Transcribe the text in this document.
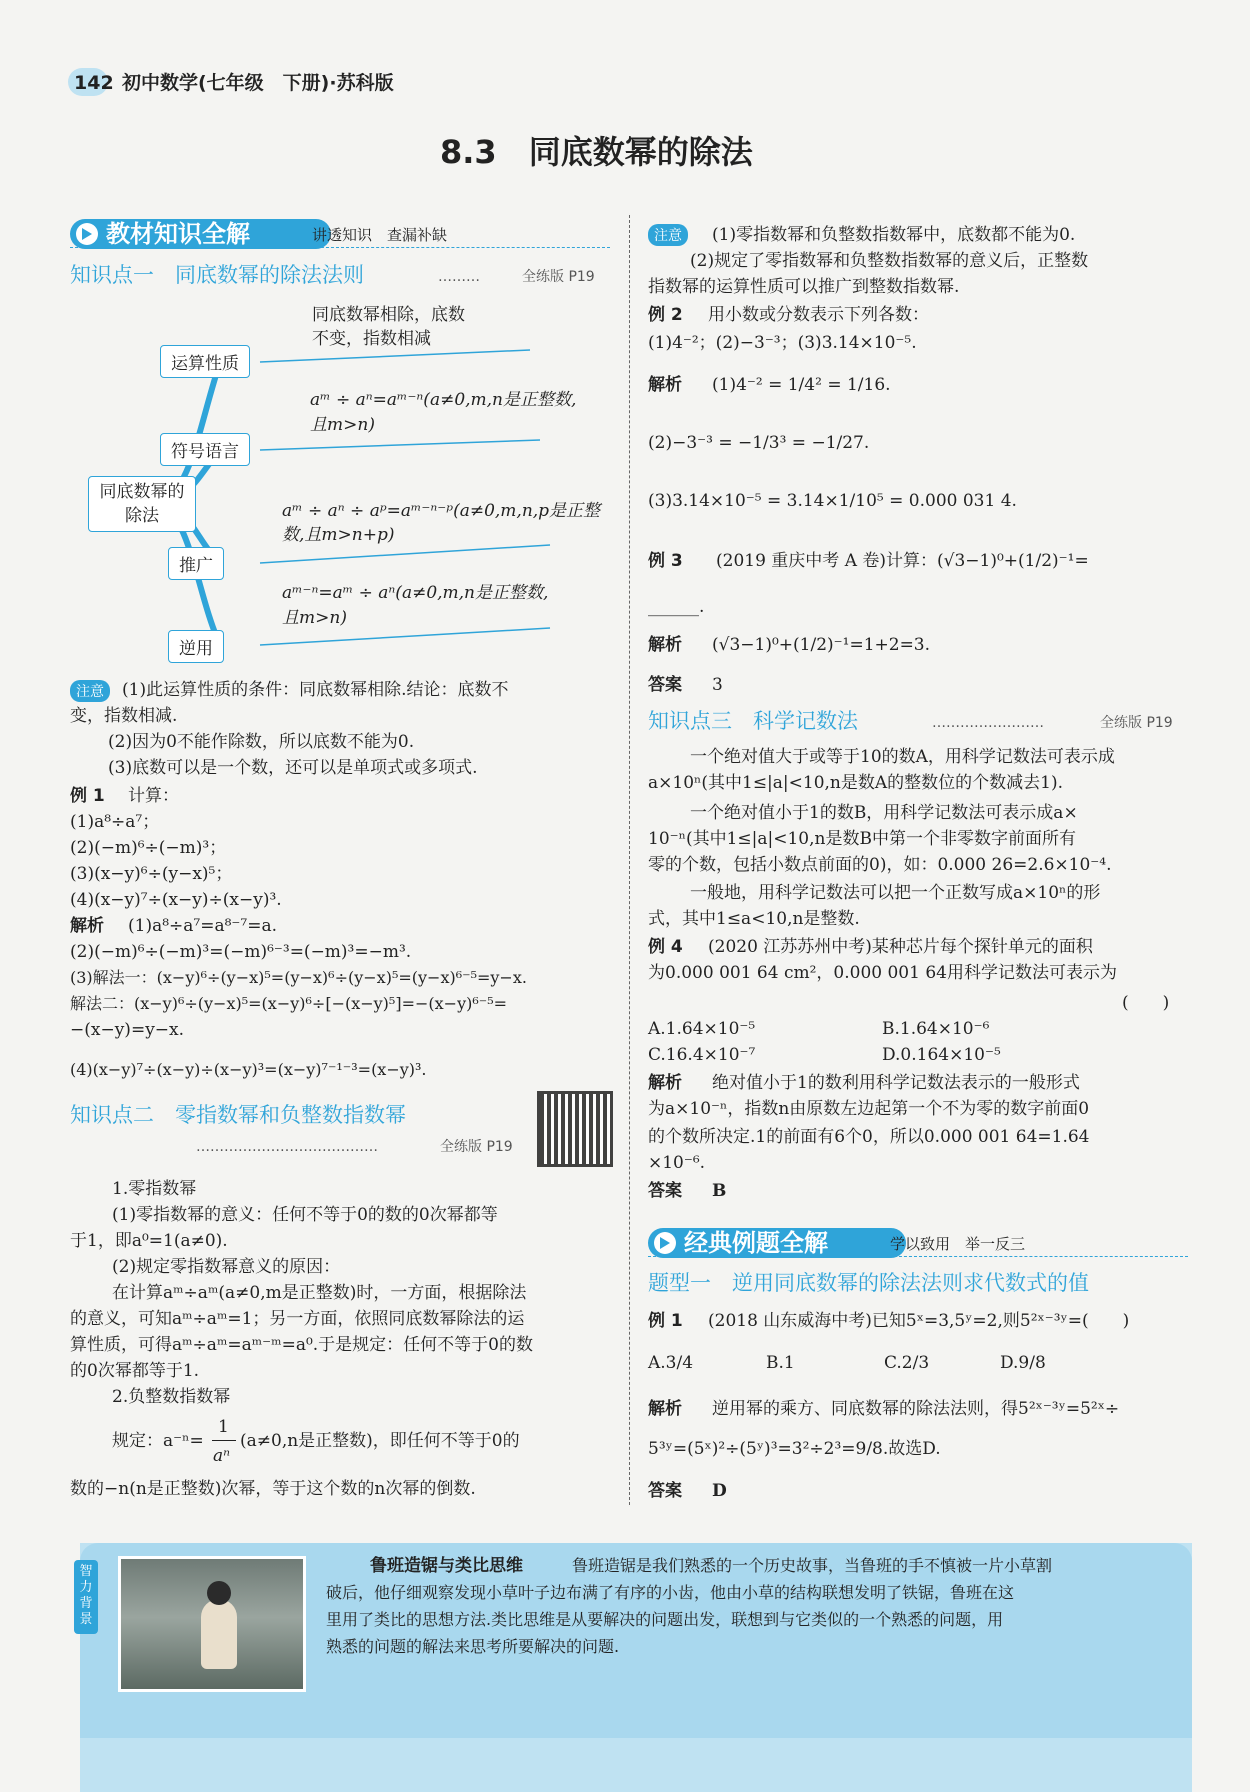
142 初中数学(七年级　下册)·苏科版
8.3　同底数幂的除法
教材知识全解	讲透知识　查漏补缺
知识点一　同底数幂的除法法则	………	全练版 P19
同底数幂的除法
运算性质
符号语言
推广
逆用
同底数幂相除，底数
不变，指数相减
aᵐ ÷ aⁿ=aᵐ⁻ⁿ(a≠0,m,n是正整数,
且m>n)
aᵐ ÷ aⁿ ÷ aᵖ=aᵐ⁻ⁿ⁻ᵖ(a≠0,m,n,p是正整
数,且m>n+p)
aᵐ⁻ⁿ=aᵐ ÷ aⁿ(a≠0,m,n是正整数,
且m>n)
注意	(1)此运算性质的条件：同底数幂相除.结论：底数不
变，指数相减.
(2)因为0不能作除数，所以底数不能为0.
(3)底数可以是一个数，还可以是单项式或多项式.
例 1 计算：
(1)a⁸÷a⁷；
(2)(−m)⁶÷(−m)³；
(3)(x−y)⁶÷(y−x)⁵；
(4)(x−y)⁷÷(x−y)÷(x−y)³.
解析 (1)a⁸÷a⁷=a⁸⁻⁷=a.
(2)(−m)⁶÷(−m)³=(−m)⁶⁻³=(−m)³=−m³.
(3)解法一：(x−y)⁶÷(y−x)⁵=(y−x)⁶÷(y−x)⁵=(y−x)⁶⁻⁵=y−x.
解法二：(x−y)⁶÷(y−x)⁵=(x−y)⁶÷[−(x−y)⁵]=−(x−y)⁶⁻⁵=
−(x−y)=y−x.
(4)(x−y)⁷÷(x−y)÷(x−y)³=(x−y)⁷⁻¹⁻³=(x−y)³.
知识点二　零指数幂和负整数指数幂
…………………………………	全练版 P19
1.零指数幂
(1)零指数幂的意义：任何不等于0的数的0次幂都等
于1，即a⁰=1(a≠0).
(2)规定零指数幂意义的原因：
在计算aᵐ÷aᵐ(a≠0,m是正整数)时，一方面，根据除法
的意义，可知aᵐ÷aᵐ=1；另一方面，依照同底数幂除法的运
算性质，可得aᵐ÷aᵐ=aᵐ⁻ᵐ=a⁰.于是规定：任何不等于0的数
的0次幂都等于1.
2.负整数指数幂
规定：a⁻ⁿ=
1
aⁿ
(a≠0,n是正整数)，即任何不等于0的
数的−n(n是正整数)次幂，等于这个数的n次幂的倒数.
注意	(1)零指数幂和负整数指数幂中，底数都不能为0.
(2)规定了零指数幂和负整数指数幂的意义后，正整数
指数幂的运算性质可以推广到整数指数幂.
例 2 用小数或分数表示下列各数：
(1)4⁻²；(2)−3⁻³；(3)3.14×10⁻⁵.
解析 (1)4⁻² = 1/4² = 1/16.
(2)−3⁻³ = −1/3³ = −1/27.
(3)3.14×10⁻⁵ = 3.14×1/10⁵ = 0.000 031 4.
例 3 (2019 重庆中考 A 卷)计算：(√3−1)⁰+(1/2)⁻¹=
______.
解析 (√3−1)⁰+(1/2)⁻¹=1+2=3.
答案 3
知识点三　科学记数法	……………………	全练版 P19
一个绝对值大于或等于10的数A，用科学记数法可表示成
a×10ⁿ(其中1≤|a|<10,n是数A的整数位的个数减去1).
一个绝对值小于1的数B，用科学记数法可表示成a×
10⁻ⁿ(其中1≤|a|<10,n是数B中第一个非零数字前面所有
零的个数，包括小数点前面的0)，如：0.000 26=2.6×10⁻⁴.
一般地，用科学记数法可以把一个正数写成a×10ⁿ的形
式，其中1≤a<10,n是整数.
例 4 (2020 江苏苏州中考)某种芯片每个探针单元的面积
为0.000 001 64 cm²，0.000 001 64用科学记数法可表示为
(　　)
A.1.64×10⁻⁵	B.1.64×10⁻⁶
C.16.4×10⁻⁷	D.0.164×10⁻⁵
解析 绝对值小于1的数利用科学记数法表示的一般形式
为a×10⁻ⁿ，指数n由原数左边起第一个不为零的数字前面0
的个数所决定.1的前面有6个0，所以0.000 001 64=1.64
×10⁻⁶.
答案 B
经典例题全解	学以致用　举一反三
题型一　逆用同底数幂的除法法则求代数式的值
例 1 (2018 山东威海中考)已知5ˣ=3,5ʸ=2,则5²ˣ⁻³ʸ=(　　)
A.3/4	B.1	C.2/3	D.9/8
解析 逆用幂的乘方、同底数幂的除法法则，得5²ˣ⁻³ʸ=5²ˣ÷
5³ʸ=(5ˣ)²÷(5ʸ)³=3²÷2³=9/8.故选D.
答案 D
智力背景
鲁班造锯与类比思维	鲁班造锯是我们熟悉的一个历史故事，当鲁班的手不慎被一片小草割
破后，他仔细观察发现小草叶子边布满了有序的小齿，他由小草的结构联想发明了铁锯，鲁班在这
里用了类比的思想方法.类比思维是从要解决的问题出发，联想到与它类似的一个熟悉的问题，用
熟悉的问题的解法来思考所要解决的问题.
